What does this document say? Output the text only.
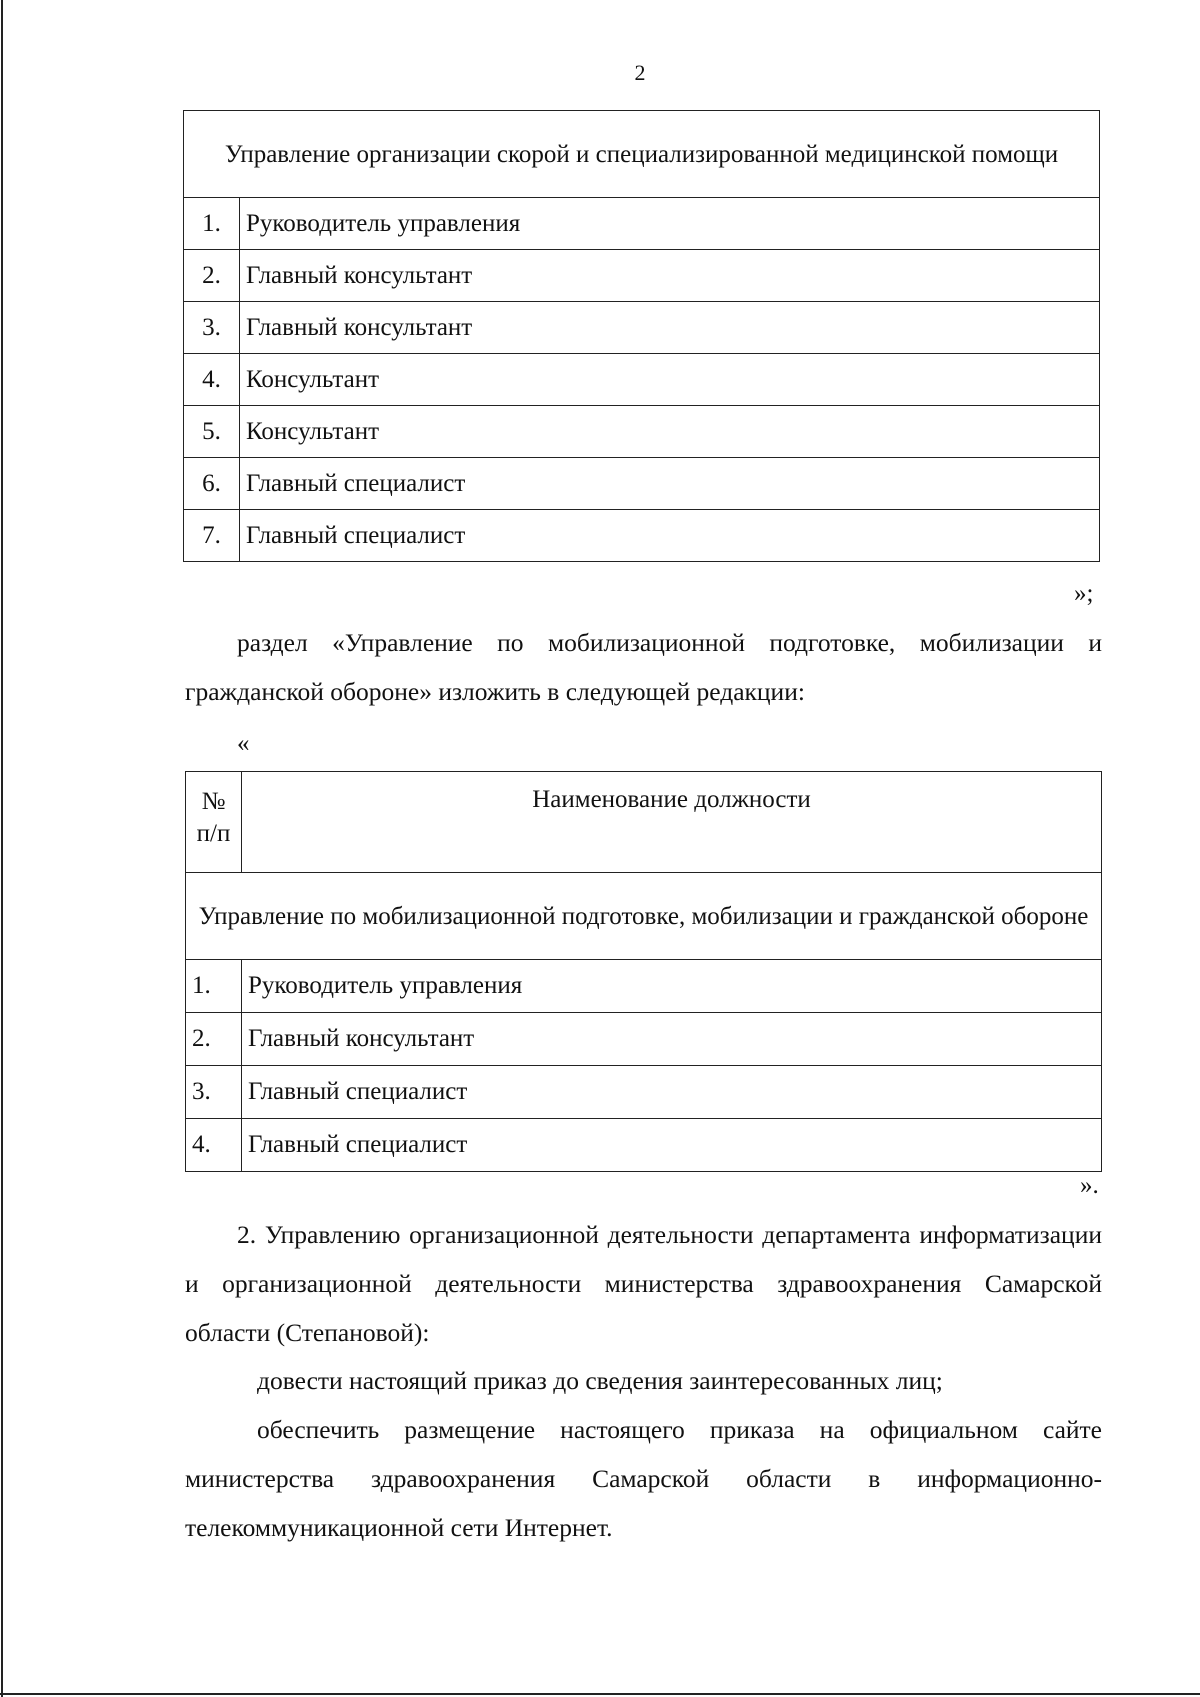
2
Управление организации скорой и специализированной медицинской помощи	
1.	Руководитель управления
2.	Главный консультант
3.	Главный консультант
4.	Консультант
5.	Консультант
6.	Главный специалист
7.	Главный специалист
»;
раздел «Управление по мобилизационной подготовке, мобилизации и гражданской обороне» изложить в следующей редакции:
«
№ п/п	Наименование должности
Управление по мобилизационной подготовке, мобилизации и гражданской обороне	
1.	Руководитель управления
2.	Главный консультант
3.	Главный специалист
4.	Главный специалист
».
2. Управлению организационной деятельности департамента информатизации и организационной деятельности министерства здравоохранения Самарской области (Степановой):
довести настоящий приказ до сведения заинтересованных лиц;
обеспечить размещение настоящего приказа на официальном сайте министерства здравоохранения Самарской области в информационно-телекоммуникационной сети Интернет.
